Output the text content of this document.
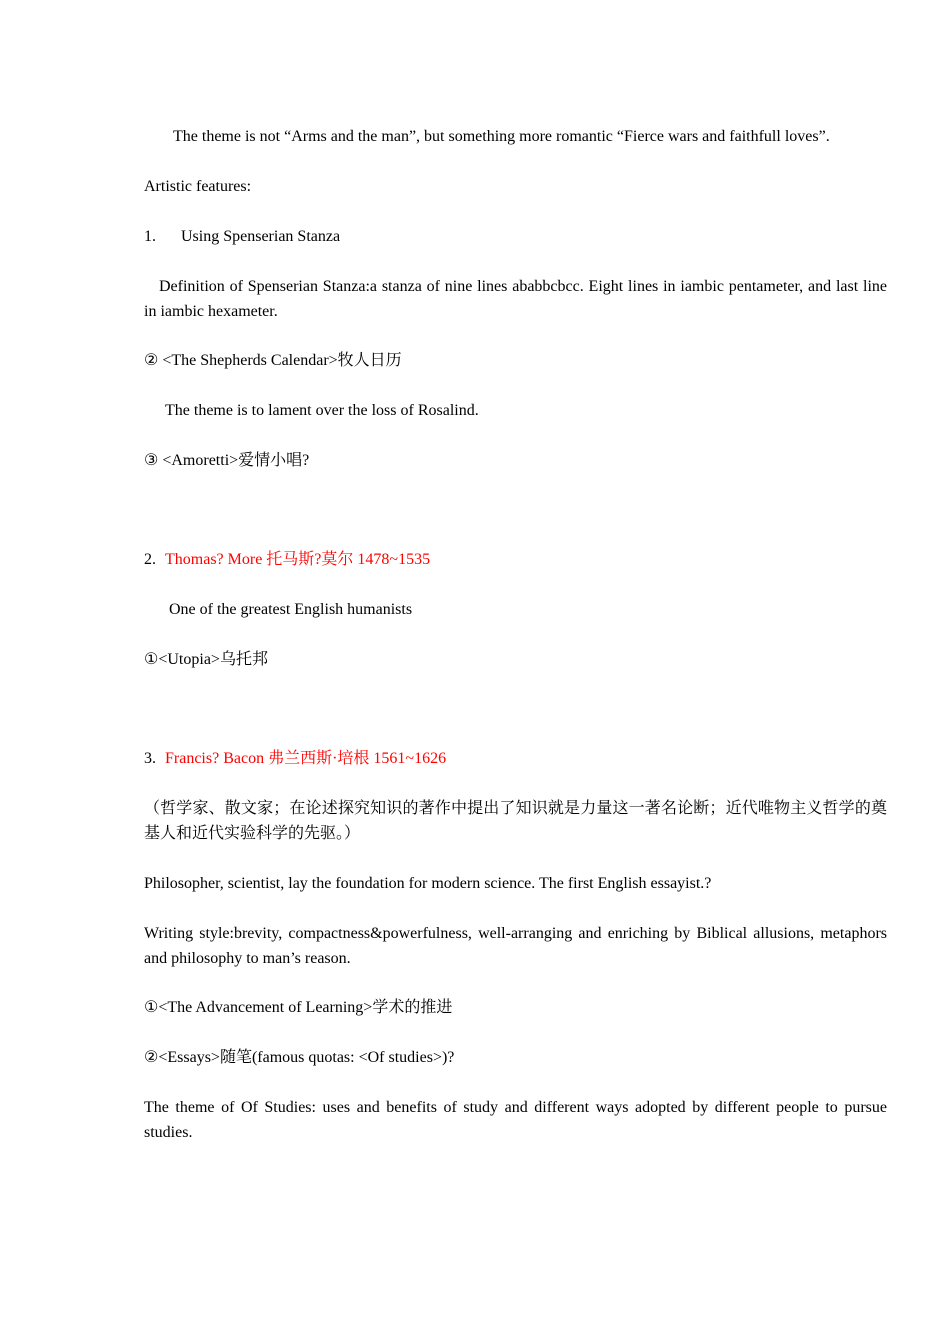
The theme is not “Arms and the man”, but something more romantic “Fierce wars and faithfull loves”.
Artistic features:
1. Using Spenserian Stanza
Definition of Spenserian Stanza:a stanza of nine lines ababbcbcc. Eight lines in iambic pentameter, and last line in iambic hexameter.
② <The Shepherds Calendar>牧人日历
The theme is to lament over the loss of Rosalind.
③ <Amoretti>爱情小唱?
2. Thomas? More 托马斯?莫尔 1478~1535
One of the greatest English humanists
①<Utopia>乌托邦
3. Francis? Bacon 弗兰西斯·培根 1561~1626
（哲学家、散文家；在论述探究知识的著作中提出了知识就是力量这一著名论断；近代唯物主义哲学的奠基人和近代实验科学的先驱。）
Philosopher, scientist, lay the foundation for modern science. The first English essayist.?
Writing style:brevity, compactness&powerfulness, well-arranging and enriching by Biblical allusions, metaphors and philosophy to man’s reason.
①<The Advancement of Learning>学术的推进
②<Essays>随笔(famous quotas: <Of studies>)?
The theme of Of Studies: uses and benefits of study and different ways adopted by different people to pursue studies.
